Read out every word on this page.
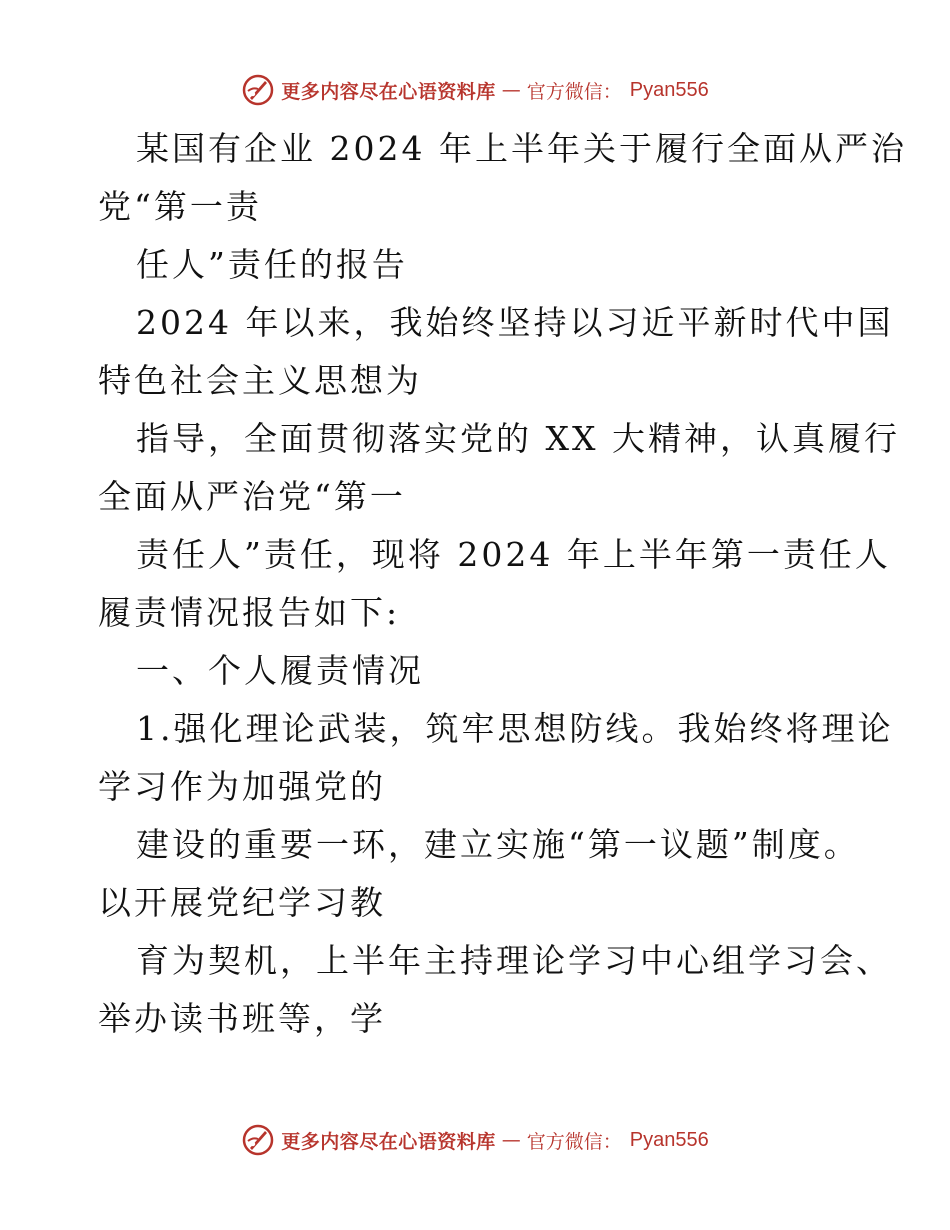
更多内容尽在心语资料库 — 官方微信： Pyan556
某国有企业 2024 年上半年关于履行全面从严治
党“第一责
任人”责任的报告
2024 年以来，我始终坚持以习近平新时代中国
特色社会主义思想为
指导，全面贯彻落实党的 XX 大精神，认真履行
全面从严治党“第一
责任人”责任，现将 2024 年上半年第一责任人
履责情况报告如下:
一、个人履责情况
1.强化理论武装，筑牢思想防线。我始终将理论
学习作为加强党的
建设的重要一环，建立实施“第一议题”制度。
以开展党纪学习教
育为契机，上半年主持理论学习中心组学习会、
举办读书班等，学
更多内容尽在心语资料库 — 官方微信： Pyan556
